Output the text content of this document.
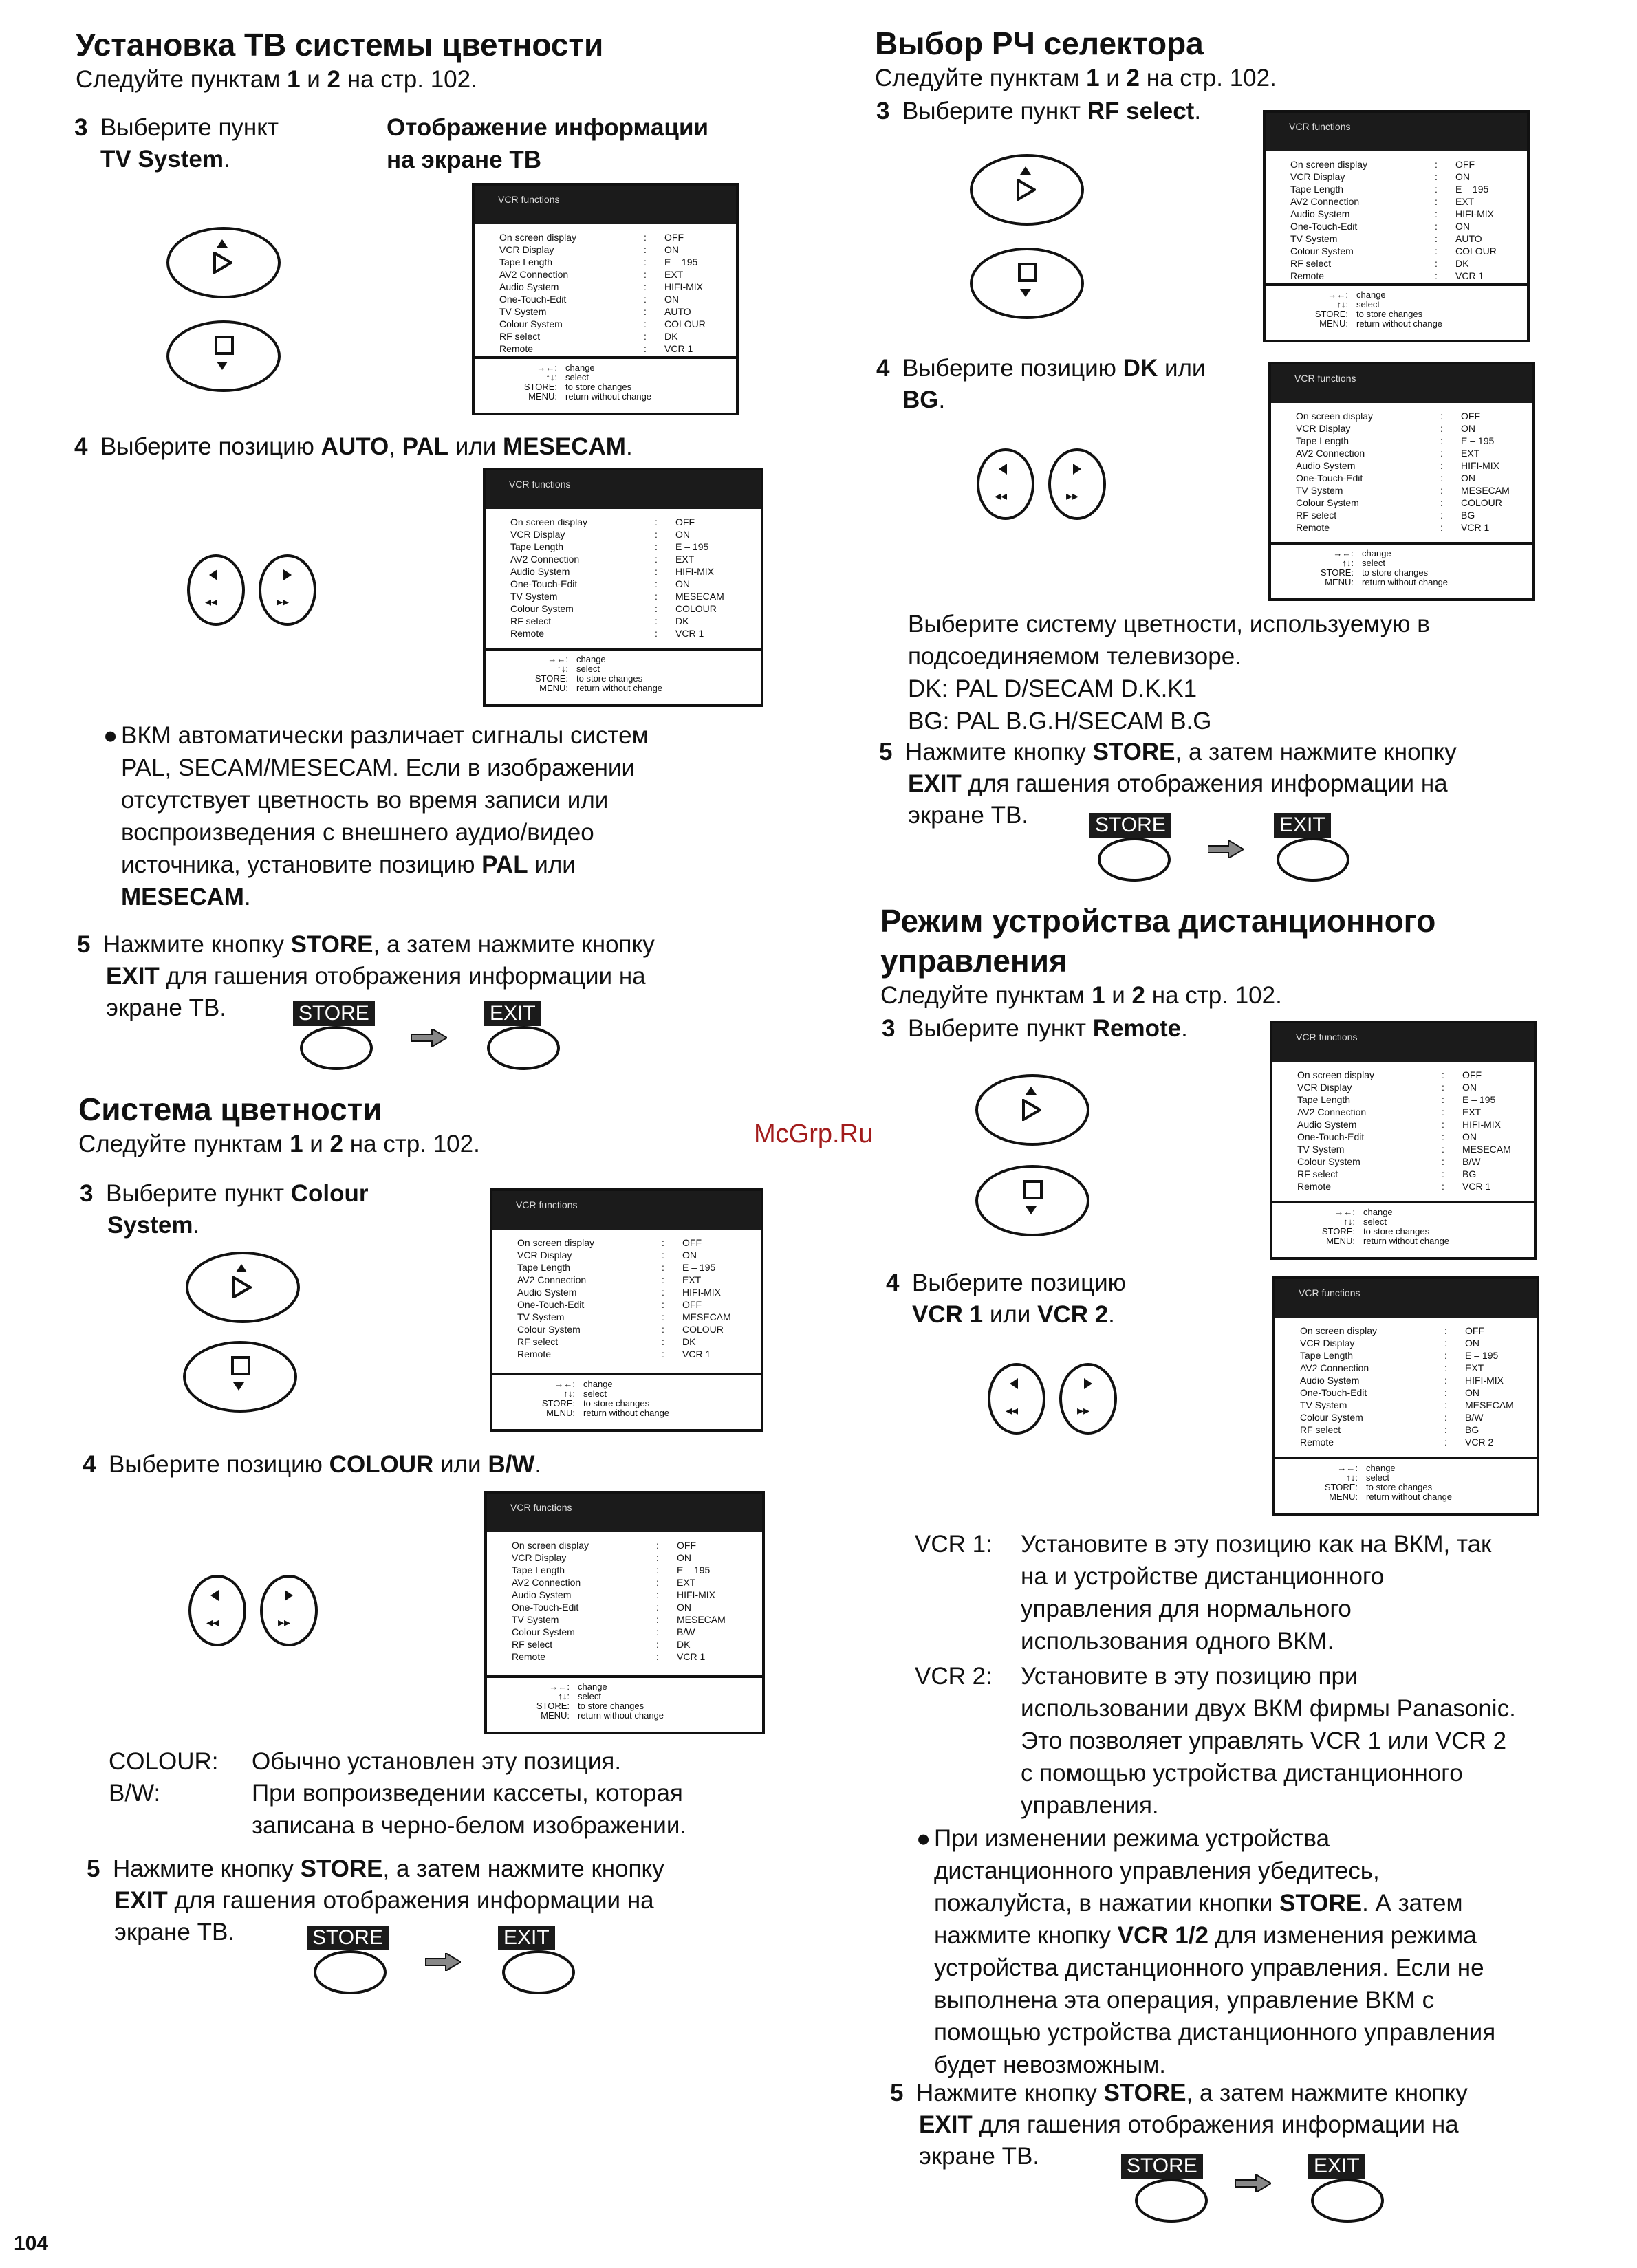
Установка ТВ системы цветности
Следуйте пунктам 1 и 2 на стр. 102.
3 Выберите пункт
TV System.
Отображение информации
на экране ТВ
VCR functions
On screen display	:	OFF
VCR Display	:	ON
Tape Length	:	E – 195
AV2 Connection	:	EXT
Audio System	:	HIFI-MIX
One-Touch-Edit	:	ON
TV System	:	AUTO
Colour System	:	COLOUR
RF select	:	DK
Remote	:	VCR 1
→←: change
↑↓: select
STORE: to store changes
MENU: return without change
4 Выберите позицию AUTO, PAL или MESECAM.
◂◂	▸▸
VCR functions
On screen display	:	OFF
VCR Display	:	ON
Tape Length	:	E – 195
AV2 Connection	:	EXT
Audio System	:	HIFI-MIX
One-Touch-Edit	:	ON
TV System	:	MESECAM
Colour System	:	COLOUR
RF select	:	DK
Remote	:	VCR 1
→←: change
↑↓: select
STORE: to store changes
MENU: return without change
● ВКМ автоматически различает сигналы систем
PAL, SECAM/MESECAM. Если в изображении
отсутствует цветность во время записи или
воспроизведения с внешнего аудио/видео
источника, установите позицию PAL или
MESECAM.
5 Нажмите кнопку STORE, а затем нажмите кнопку
EXIT для гашения отображения информации на
экране ТВ.	STORE	EXIT
Система цветности
Следуйте пунктам 1 и 2 на стр. 102.
3 Выберите пункт Colour
System.
VCR functions
On screen display	:	OFF
VCR Display	:	ON
Tape Length	:	E – 195
AV2 Connection	:	EXT
Audio System	:	HIFI-MIX
One-Touch-Edit	:	OFF
TV System	:	MESECAM
Colour System	:	COLOUR
RF select	:	DK
Remote	:	VCR 1
→←: change
↑↓: select
STORE: to store changes
MENU: return without change
4 Выберите позицию COLOUR или B/W.
◂◂	▸▸
VCR functions
On screen display	:	OFF
VCR Display	:	ON
Tape Length	:	E – 195
AV2 Connection	:	EXT
Audio System	:	HIFI-MIX
One-Touch-Edit	:	ON
TV System	:	MESECAM
Colour System	:	B/W
RF select	:	DK
Remote	:	VCR 1
→←: change
↑↓: select
STORE: to store changes
MENU: return without change
COLOUR: Обычно установлен эту позиция.
B/W:	При вопроизведении кассеты, которая
записана в черно-белом изображении.
5 Нажмите кнопку STORE, а затем нажмите кнопку
EXIT для гашения отображения информации на
экране ТВ.	STORE	EXIT
104
Выбор РЧ селектора
Следуйте пунктам 1 и 2 на стр. 102.
3 Выберите пункт RF select.
VCR functions
On screen display	:	OFF
VCR Display	:	ON
Tape Length	:	E – 195
AV2 Connection	:	EXT
Audio System	:	HIFI-MIX
One-Touch-Edit	:	ON
TV System	:	AUTO
Colour System	:	COLOUR
RF select	:	DK
Remote	:	VCR 1
→←: change
↑↓: select
STORE: to store changes
MENU: return without change
4 Выберите позицию DK или
BG.
◂◂	▸▸
VCR functions
On screen display	:	OFF
VCR Display	:	ON
Tape Length	:	E – 195
AV2 Connection	:	EXT
Audio System	:	HIFI-MIX
One-Touch-Edit	:	ON
TV System	:	MESECAM
Colour System	:	COLOUR
RF select	:	BG
Remote	:	VCR 1
→←: change
↑↓: select
STORE: to store changes
MENU: return without change
Выберите систему цветности, используемую в
подсоединяемом телевизоре.
DK: PAL D/SECAM D.K.K1
BG: PAL B.G.H/SECAM B.G
5 Нажмите кнопку STORE, а затем нажмите кнопку
EXIT для гашения отображения информации на
экране ТВ.	STORE	EXIT
Режим устройства дистанционного
управления
Следуйте пунктам 1 и 2 на стр. 102.
3 Выберите пункт Remote.	VCR functions
On screen display	:	OFF
VCR Display	:	ON
Tape Length	:	E – 195
AV2 Connection	:	EXT
Audio System	:	HIFI-MIX
One-Touch-Edit	:	ON
TV System	:	MESECAM
Colour System	:	B/W
RF select	:	BG
Remote	:	VCR 1
→←: change
↑↓: select
STORE: to store changes
MENU: return without change
4 Выберите позицию
VCR 1 или VCR 2.
◂◂	▸▸
VCR functions
On screen display	:	OFF
VCR Display	:	ON
Tape Length	:	E – 195
AV2 Connection	:	EXT
Audio System	:	HIFI-MIX
One-Touch-Edit	:	ON
TV System	:	MESECAM
Colour System	:	B/W
RF select	:	BG
Remote	:	VCR 2
→←: change
↑↓: select
STORE: to store changes
MENU: return without change
VCR 1: Установите в эту позицию как на ВКМ, так
на и устройстве дистанционного
управления для нормального
использования одного ВКМ.
VCR 2: Установите в эту позицию при
использовании двух ВКМ фирмы Panasonic.
Это позволяет управлять VCR 1 или VCR 2
с помощью устройства дистанционного
управления.
● При изменении режима устройства
дистанционного управления убедитесь,
пожалуйста, в нажатии кнопки STORE. А затем
нажмите кнопку VCR 1/2 для изменения режима
устройства дистанционного управления. Если не
выполнена эта операция, управление ВКМ с
помощью устройства дистанционного управления
будет невозможным.
5 Нажмите кнопку STORE, а затем нажмите кнопку
EXIT для гашения отображения информации на
экране ТВ.	STORE	EXIT
McGrp.Ru
